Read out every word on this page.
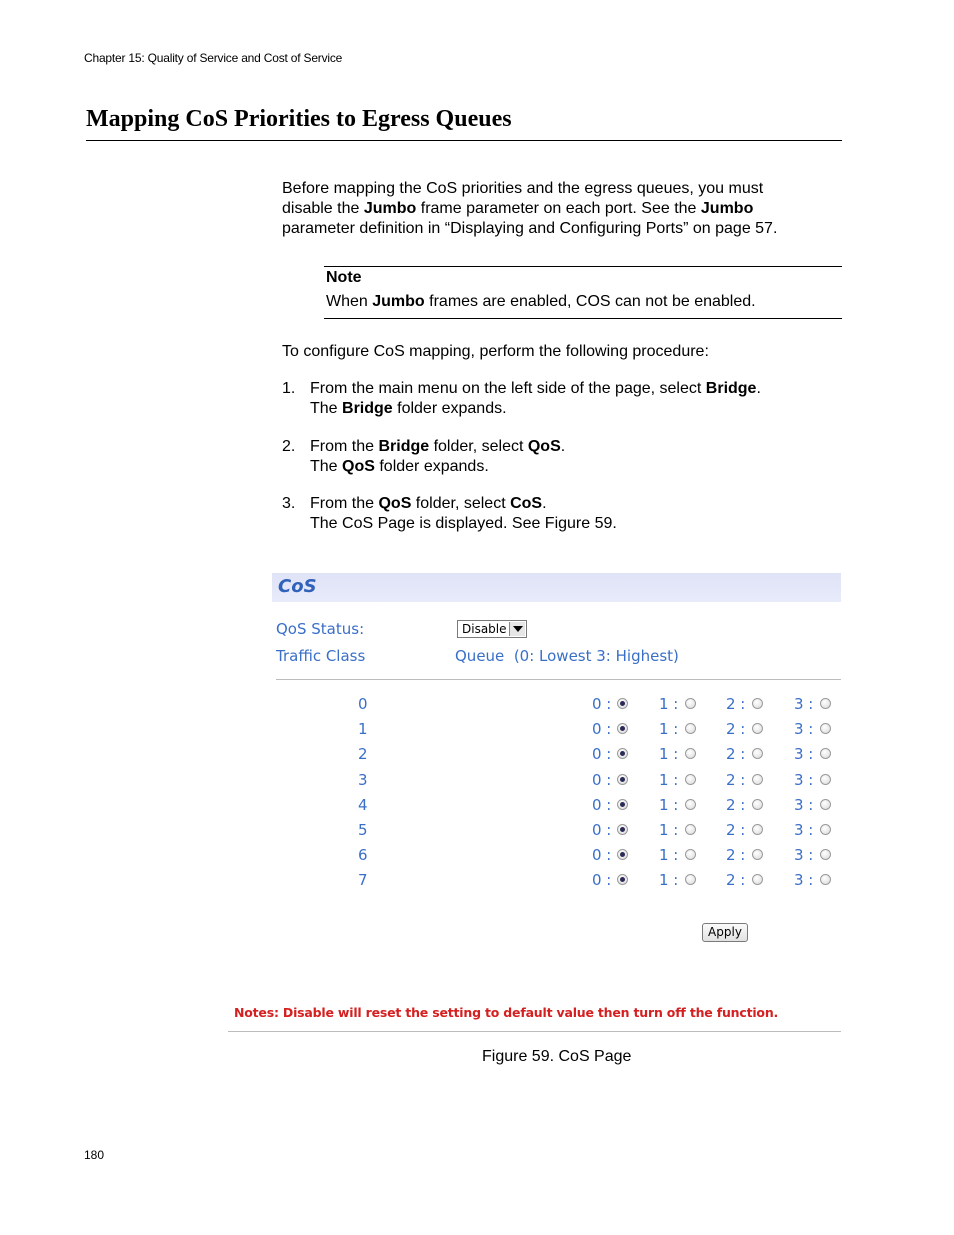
Chapter 15: Quality of Service and Cost of Service
Mapping CoS Priorities to Egress Queues
Before mapping the CoS priorities and the egress queues, you must
disable the Jumbo frame parameter on each port. See the Jumbo
parameter definition in “Displaying and Configuring Ports” on page 57.
Note
When Jumbo frames are enabled, COS can not be enabled.
To configure CoS mapping, perform the following procedure:
1. From the main menu on the left side of the page, select Bridge.
The Bridge folder expands.
2. From the Bridge folder, select QoS.
The QoS folder expands.
3. From the QoS folder, select CoS.
The CoS Page is displayed. See Figure 59.
CoS
QoS Status:	Disable
Traffic Class	Queue  (0: Lowest 3: Highest)
0	0 :	1 :	2 :	3 :
1	0 :	1 :	2 :	3 :
2	0 :	1 :	2 :	3 :
3	0 :	1 :	2 :	3 :
4	0 :	1 :	2 :	3 :
5	0 :	1 :	2 :	3 :
6	0 :	1 :	2 :	3 :
7	0 :	1 :	2 :	3 :
Apply
Notes: Disable will reset the setting to default value then turn off the function.
Figure 59. CoS Page
180
